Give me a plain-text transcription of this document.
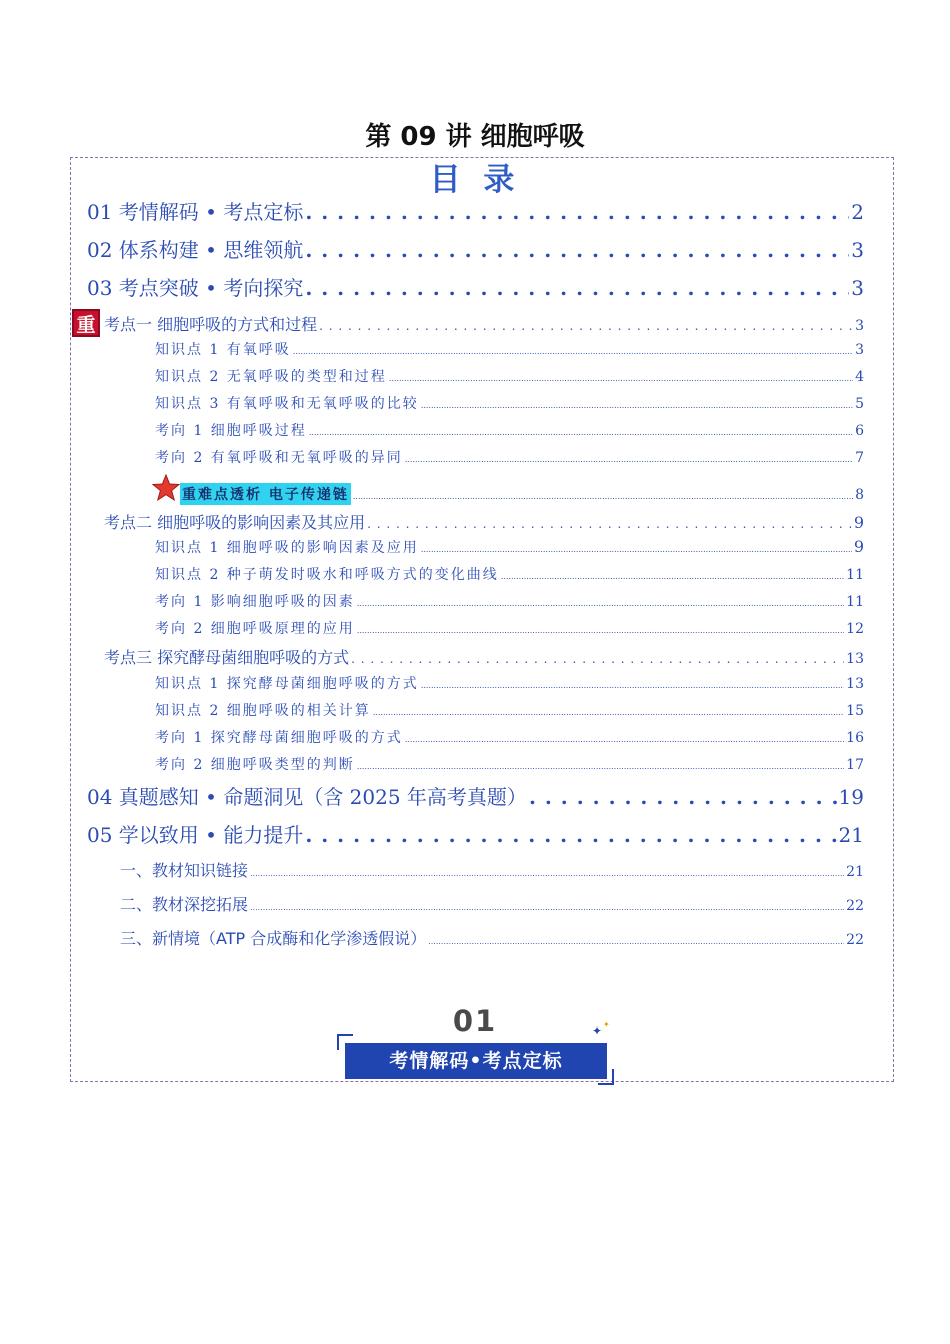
第 09 讲 细胞呼吸
目 录
01 考情解码 • 考点定标 . . .	2
02 体系构建 • 思维领航 . . .	3
03 考点突破 • 考向探究 . . .	3
重 考点一 细胞呼吸的方式和过程 . . .	3
知识点 1 有氧呼吸 .....	3
知识点 2 无氧呼吸的类型和过程 .....	4
知识点 3 有氧呼吸和无氧呼吸的比较 .....	5
考向 1 细胞呼吸过程 .....	6
考向 2 有氧呼吸和无氧呼吸的异同 .....	7
重难点透析 电子传递链 .....	8
考点二 细胞呼吸的影响因素及其应用 . . .	9
知识点 1 细胞呼吸的影响因素及应用 .....	9
知识点 2 种子萌发时吸水和呼吸方式的变化曲线 .....	11
考向 1 影响细胞呼吸的因素 .....	11
考向 2 细胞呼吸原理的应用 .....	12
考点三 探究酵母菌细胞呼吸的方式 . . .	13
知识点 1 探究酵母菌细胞呼吸的方式 .....	13
知识点 2 细胞呼吸的相关计算 .....	15
考向 1 探究酵母菌细胞呼吸的方式 .....	16
考向 2 细胞呼吸类型的判断 .....	17
04 真题感知 • 命题洞见（含 2025 年高考真题） . . .	19
05 学以致用 • 能力提升 . . .	21
一、教材知识链接 .....	21
二、教材深挖拓展 .....	22
三、新情境（ATP 合成酶和化学渗透假说） .....	22
01
考情解码•考点定标
✦ ✦
